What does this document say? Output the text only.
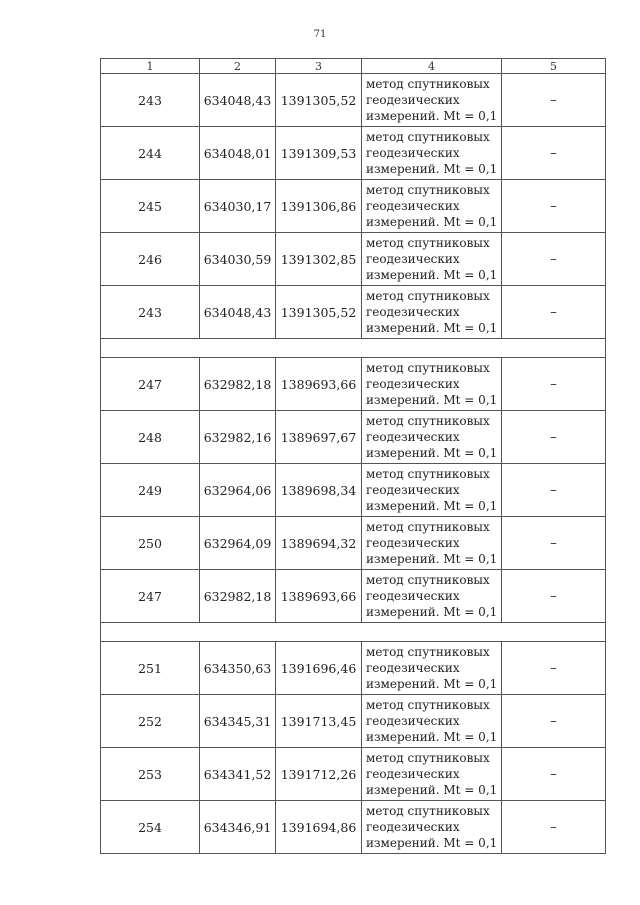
71
1	2	3	4	5
243	634048,43	1391305,52	метод спутниковых
геодезических
измерений. Mt = 0,1	–
244	634048,01	1391309,53	метод спутниковых
геодезических
измерений. Mt = 0,1	–
245	634030,17	1391306,86	метод спутниковых
геодезических
измерений. Mt = 0,1	–
246	634030,59	1391302,85	метод спутниковых
геодезических
измерений. Mt = 0,1	–
243	634048,43	1391305,52	метод спутниковых
геодезических
измерений. Mt = 0,1	–

247	632982,18	1389693,66	метод спутниковых
геодезических
измерений. Mt = 0,1	–
248	632982,16	1389697,67	метод спутниковых
геодезических
измерений. Mt = 0,1	–
249	632964,06	1389698,34	метод спутниковых
геодезических
измерений. Mt = 0,1	–
250	632964,09	1389694,32	метод спутниковых
геодезических
измерений. Mt = 0,1	–
247	632982,18	1389693,66	метод спутниковых
геодезических
измерений. Mt = 0,1	–

251	634350,63	1391696,46	метод спутниковых
геодезических
измерений. Mt = 0,1	–
252	634345,31	1391713,45	метод спутниковых
геодезических
измерений. Mt = 0,1	–
253	634341,52	1391712,26	метод спутниковых
геодезических
измерений. Mt = 0,1	–
254	634346,91	1391694,86	метод спутниковых
геодезических
измерений. Mt = 0,1	–
